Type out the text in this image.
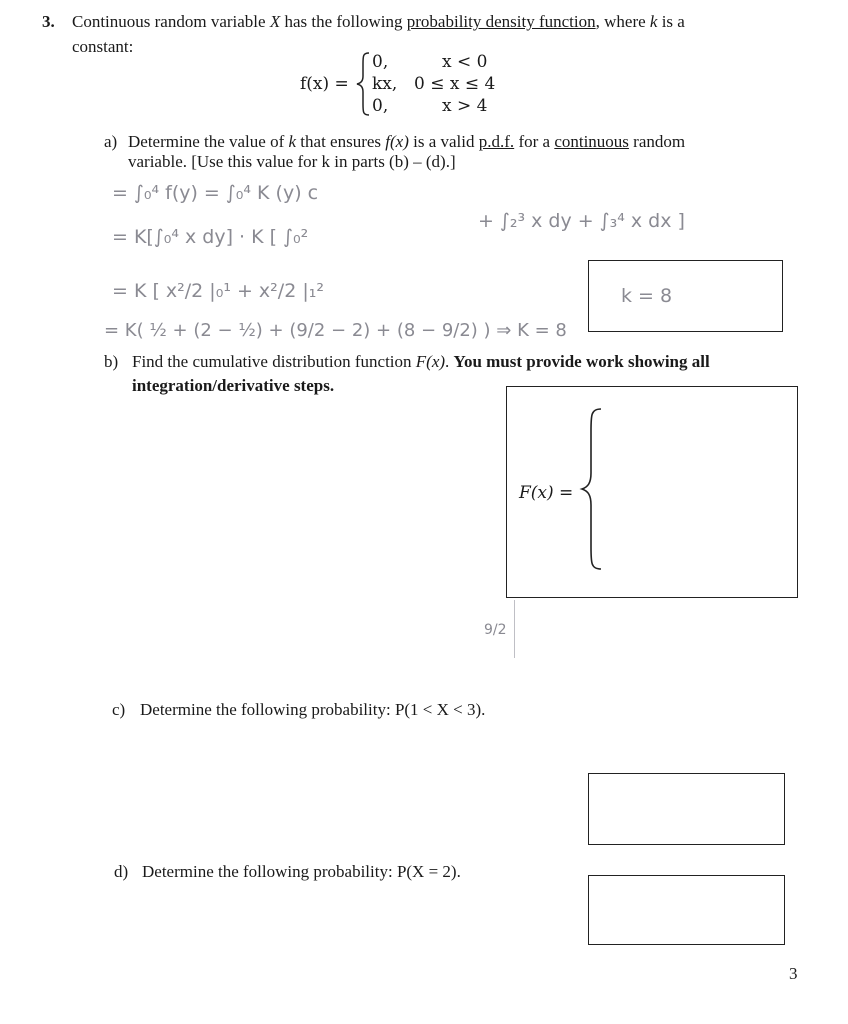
3. Continuous random variable X has the following probability density function, where k is a
constant:
f(x) =
0,	x < 0
kx, 0 ≤ x ≤ 4
0,	x > 4
a) Determine the value of k that ensures f(x) is a valid p.d.f. for a continuous random
variable. [Use this value for k in parts (b) – (d).]
= ∫₀⁴ f(y) = ∫₀⁴ K (y) c
= K[∫₀⁴ x dy] · K [ ∫₀²
+ ∫₂³ x dy + ∫₃⁴ x dx ]
= K [ x²/2 |₀¹ + x²/2 |₁²
= K( ½ + (2 − ½) + (9/2 − 2) + (8 − 9/2) ) ⇒ K = 8
k = 8
b) Find the cumulative distribution function F(x). You must provide work showing all
integration/derivative steps.
F(x) =
9/2
c) Determine the following probability: P(1 < X < 3).
d) Determine the following probability: P(X = 2).
3
